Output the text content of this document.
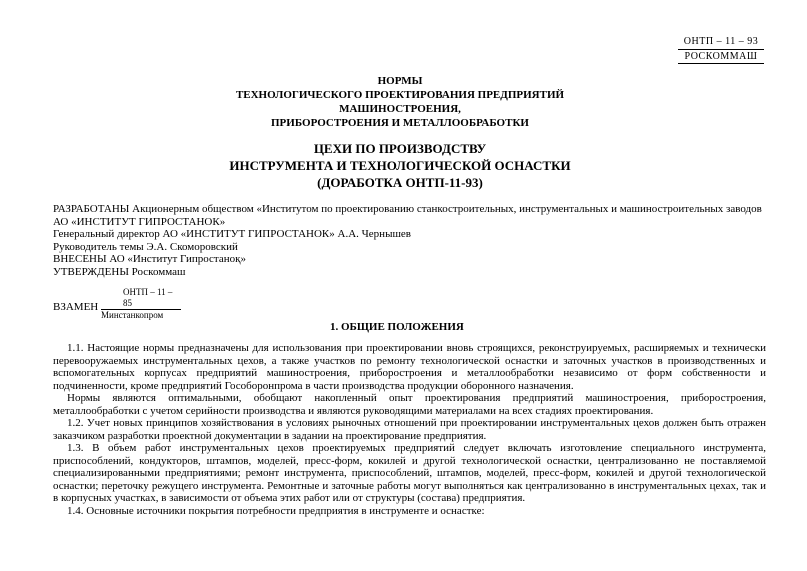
ОНТП – 11 – 93
РОСКОММАШ
НОРМЫ
ТЕХНОЛОГИЧЕСКОГО ПРОЕКТИРОВАНИЯ ПРЕДПРИЯТИЙ
МАШИНОСТРОЕНИЯ,
ПРИБОРОСТРОЕНИЯ И МЕТАЛЛООБРАБОТКИ
ЦЕХИ ПО ПРОИЗВОДСТВУ
ИНСТРУМЕНТА И ТЕХНОЛОГИЧЕСКОЙ ОСНАСТКИ
(ДОРАБОТКА ОНТП-11-93)
РАЗРАБОТАНЫ Акционерным обществом «Институтом по проектированию станкостроительных, инструментальных и машиностроительных заводов АО «ИНСТИТУТ ГИПРОСТАНОК»
Генеральный директор АО «ИНСТИТУТ ГИПРОСТАНОК» А.А. Чернышев
Руководитель темы Э.А. Скоморовский
ВНЕСЕНЫ АО «Институт Гипростаноқ»
УТВЕРЖДЕНЫ Роскоммаш
ВЗАМЕН
ОНТП – 11 – 85
Минстанкопром
1. ОБЩИЕ ПОЛОЖЕНИЯ

1.1. Настоящие нормы предназначены для использования при проектировании вновь строящихся, реконструируемых, расширяемых и технически перевооружаемых инструментальных цехов, а также участков по ремонту технологической оснастки и заточных участков в производственных и вспомогательных корпусах предприятий машиностроения, приборостроения и металлообработки независимо от форм собственности и подчиненности, кроме предприятий Гособоронпрома в части производства продукции оборонного назначения.

Нормы являются оптимальными, обобщают накопленный опыт проектирования предприятий машиностроения, приборостроения, металлообработки с учетом серийности производства и являются руководящими материалами на всех стадиях проектирования.

1.2. Учет новых принципов хозяйствования в условиях рыночных отношений при проектировании инструментальных цехов должен быть отражен заказчиком разработки проектной документации в задании на проектирование предприятия.

1.3. В объем работ инструментальных цехов проектируемых предприятий следует включать изготовление специального инструмента, приспособлений, кондукторов, штампов, моделей, пресс-форм, кокилей и другой технологической оснастки, централизованно не поставляемой специализированными предприятиями; ремонт инструмента, приспособлений, штампов, моделей, пресс-форм, кокилей и другой технологической оснастки; переточку режущего инструмента. Ремонтные и заточные работы могут выполняться как централизованно в инструментальных цехах, так и в корпусных участках, в зависимости от объема этих работ или от структуры (состава) предприятия.

1.4. Основные источники покрытия потребности предприятия в инструменте и оснастке:
